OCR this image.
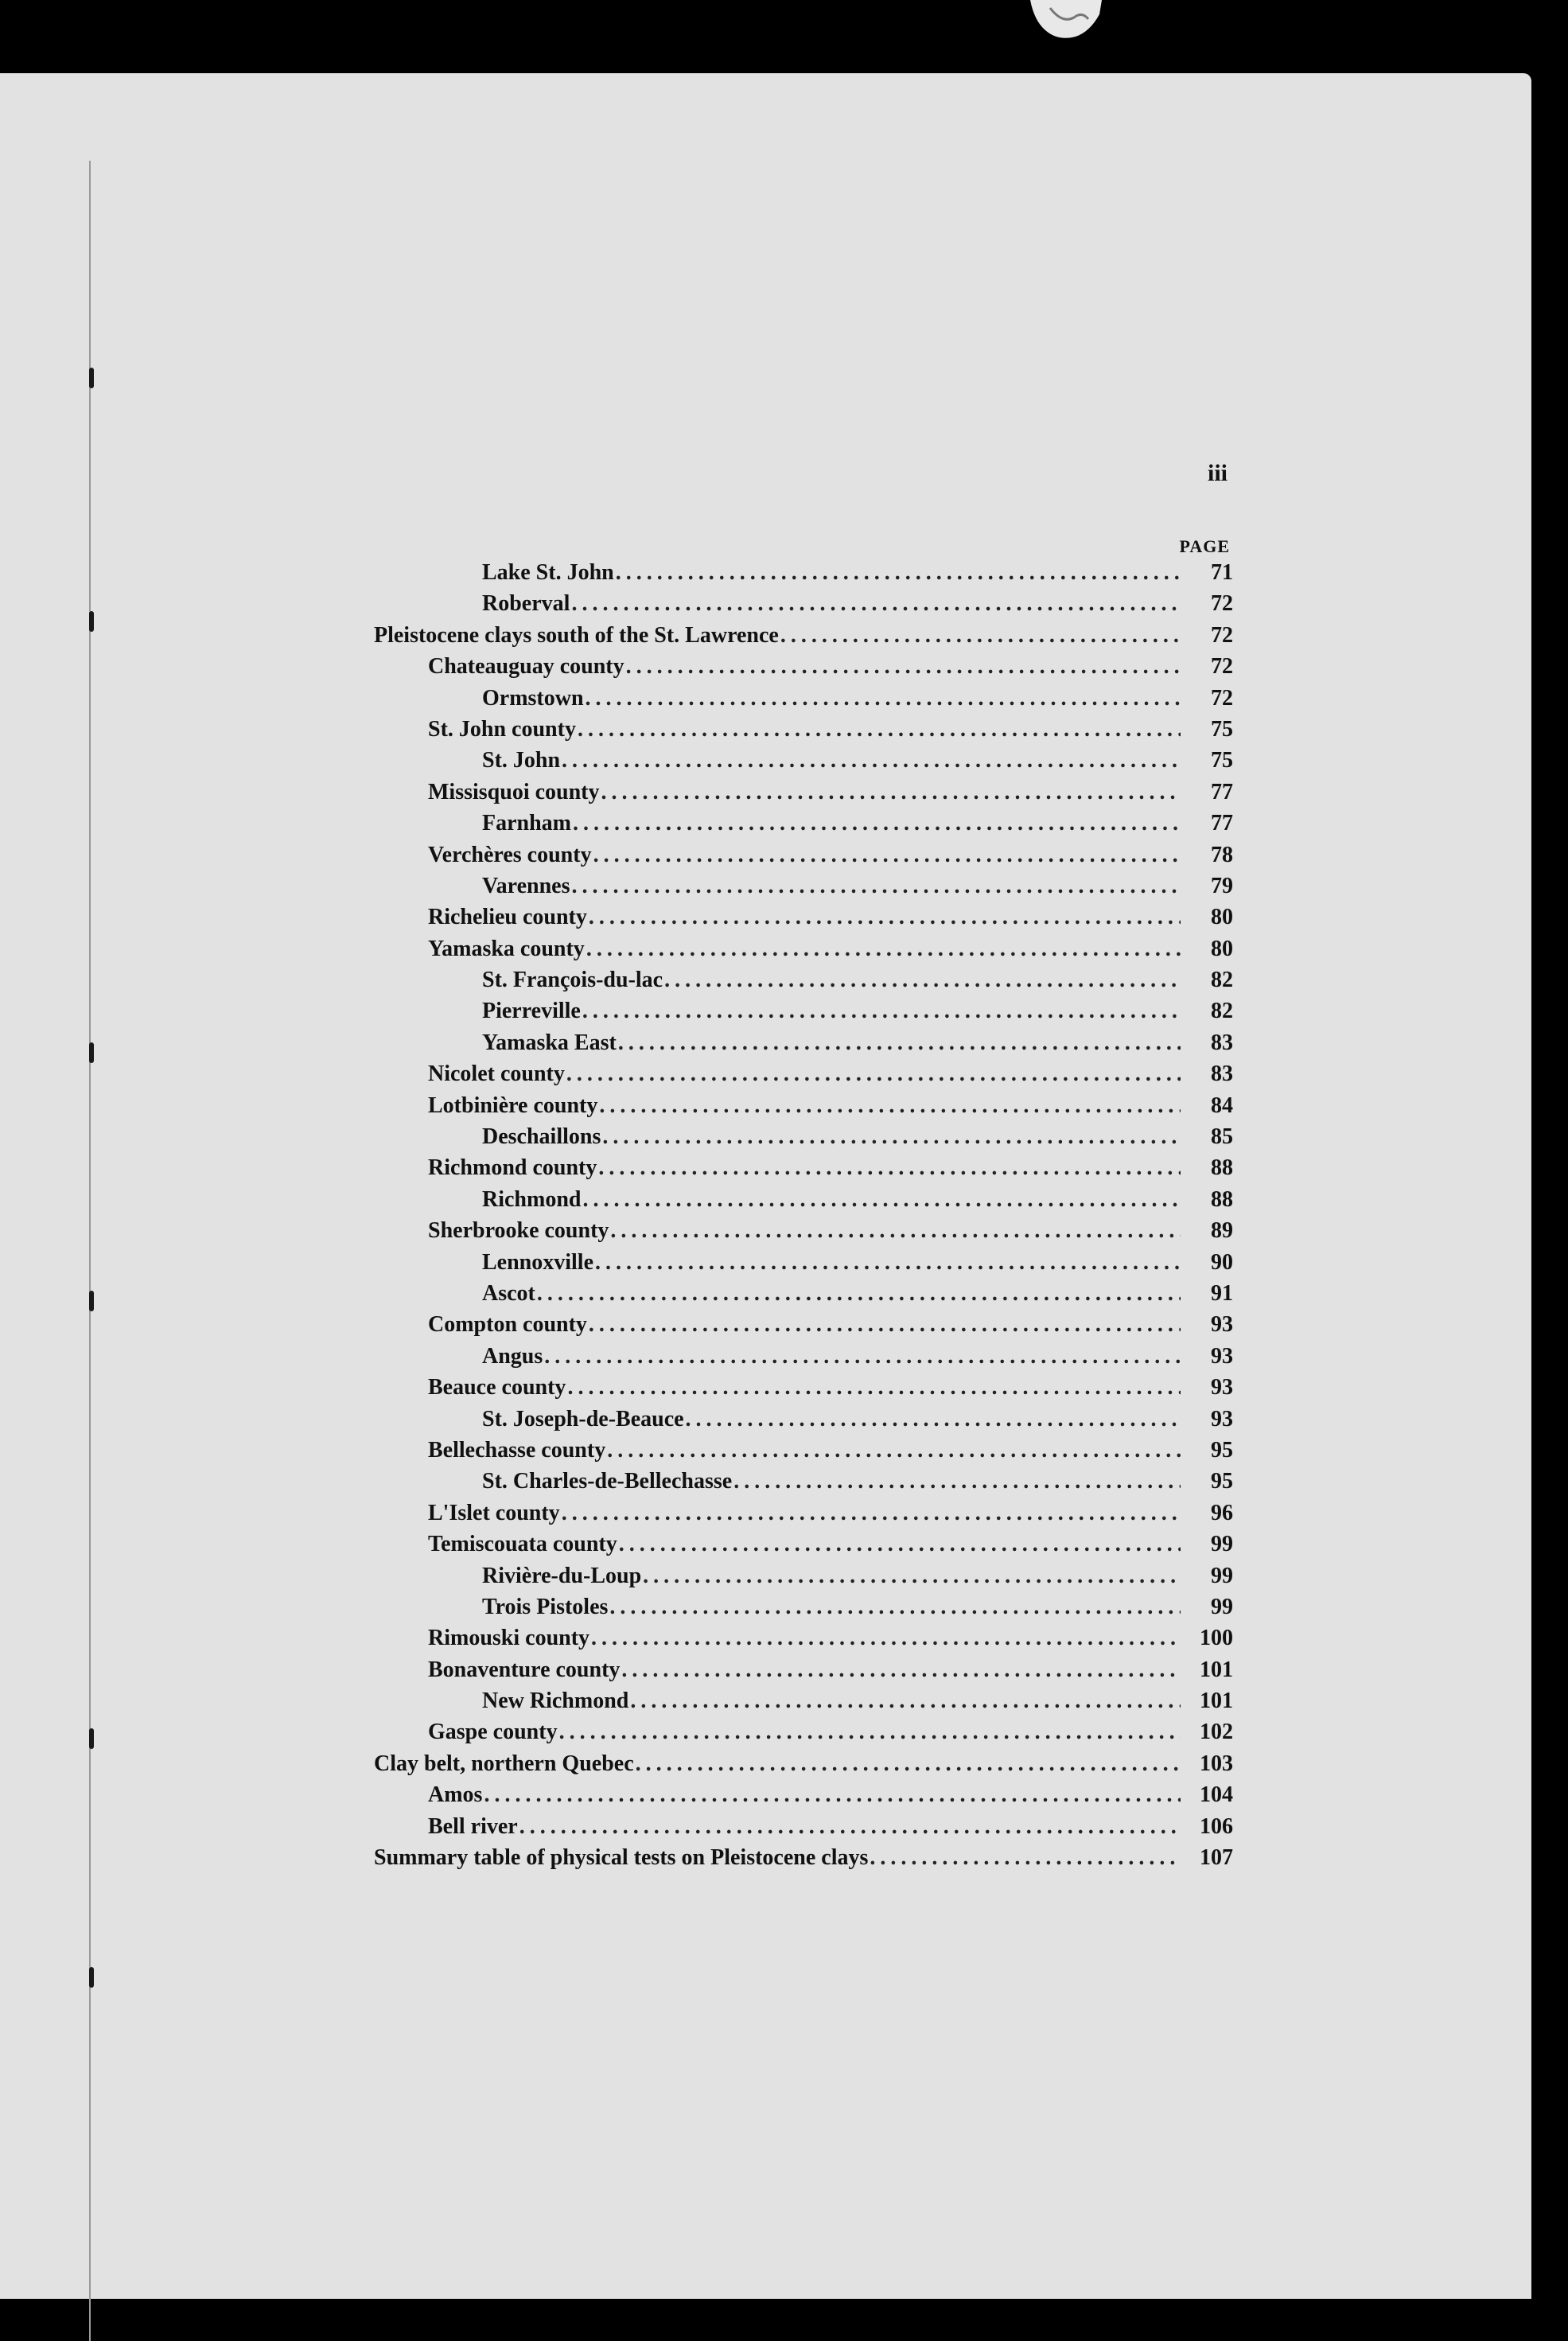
iii
PAGE
Lake St. John .....	71
Roberval .....	72
Pleistocene clays south of the St. Lawrence .....	72
Chateauguay county .....	72
Ormstown .....	72
St. John county .....	75
St. John .....	75
Missisquoi county .....	77
Farnham .....	77
Verchères county .....	78
Varennes .....	79
Richelieu county .....	80
Yamaska county .....	80
St. François-du-lac .....	82
Pierreville .....	82
Yamaska East .....	83
Nicolet county .....	83
Lotbinière county .....	84
Deschaillons .....	85
Richmond county .....	88
Richmond .....	88
Sherbrooke county .....	89
Lennoxville .....	90
Ascot .....	91
Compton county .....	93
Angus .....	93
Beauce county .....	93
St. Joseph-de-Beauce .....	93
Bellechasse county .....	95
St. Charles-de-Bellechasse .....	95
L'Islet county .....	96
Temiscouata county .....	99
Rivière-du-Loup .....	99
Trois Pistoles .....	99
Rimouski county .....	100
Bonaventure county .....	101
New Richmond .....	101
Gaspe county .....	102
Clay belt, northern Quebec .....	103
Amos .....	104
Bell river .....	106
Summary table of physical tests on Pleistocene clays .....	107
